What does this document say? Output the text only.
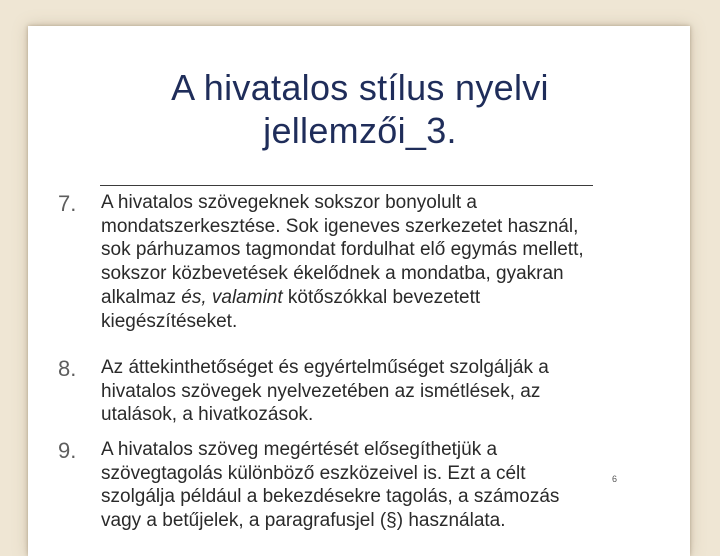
A hivatalos stílus nyelvi
jellemzői_3.
7.	A hivatalos szövegeknek sokszor bonyolult a
mondatszerkesztése. Sok igeneves szerkezetet használ,
sok párhuzamos tagmondat fordulhat elő egymás mellett,
sokszor közbevetések ékelődnek a mondatba, gyakran
alkalmaz és, valamint kötőszókkal bevezetett
kiegészítéseket.
8.	Az áttekinthetőséget és egyértelműséget szolgálják a
hivatalos szövegek nyelvezetében az ismétlések, az
utalások, a hivatkozások.
9.	A hivatalos szöveg megértését elősegíthetjük a
szövegtagolás különböző eszközeivel is. Ezt a célt
szolgálja például a bekezdésekre tagolás, a számozás
vagy a betűjelek, a paragrafusjel (§) használata.
6
